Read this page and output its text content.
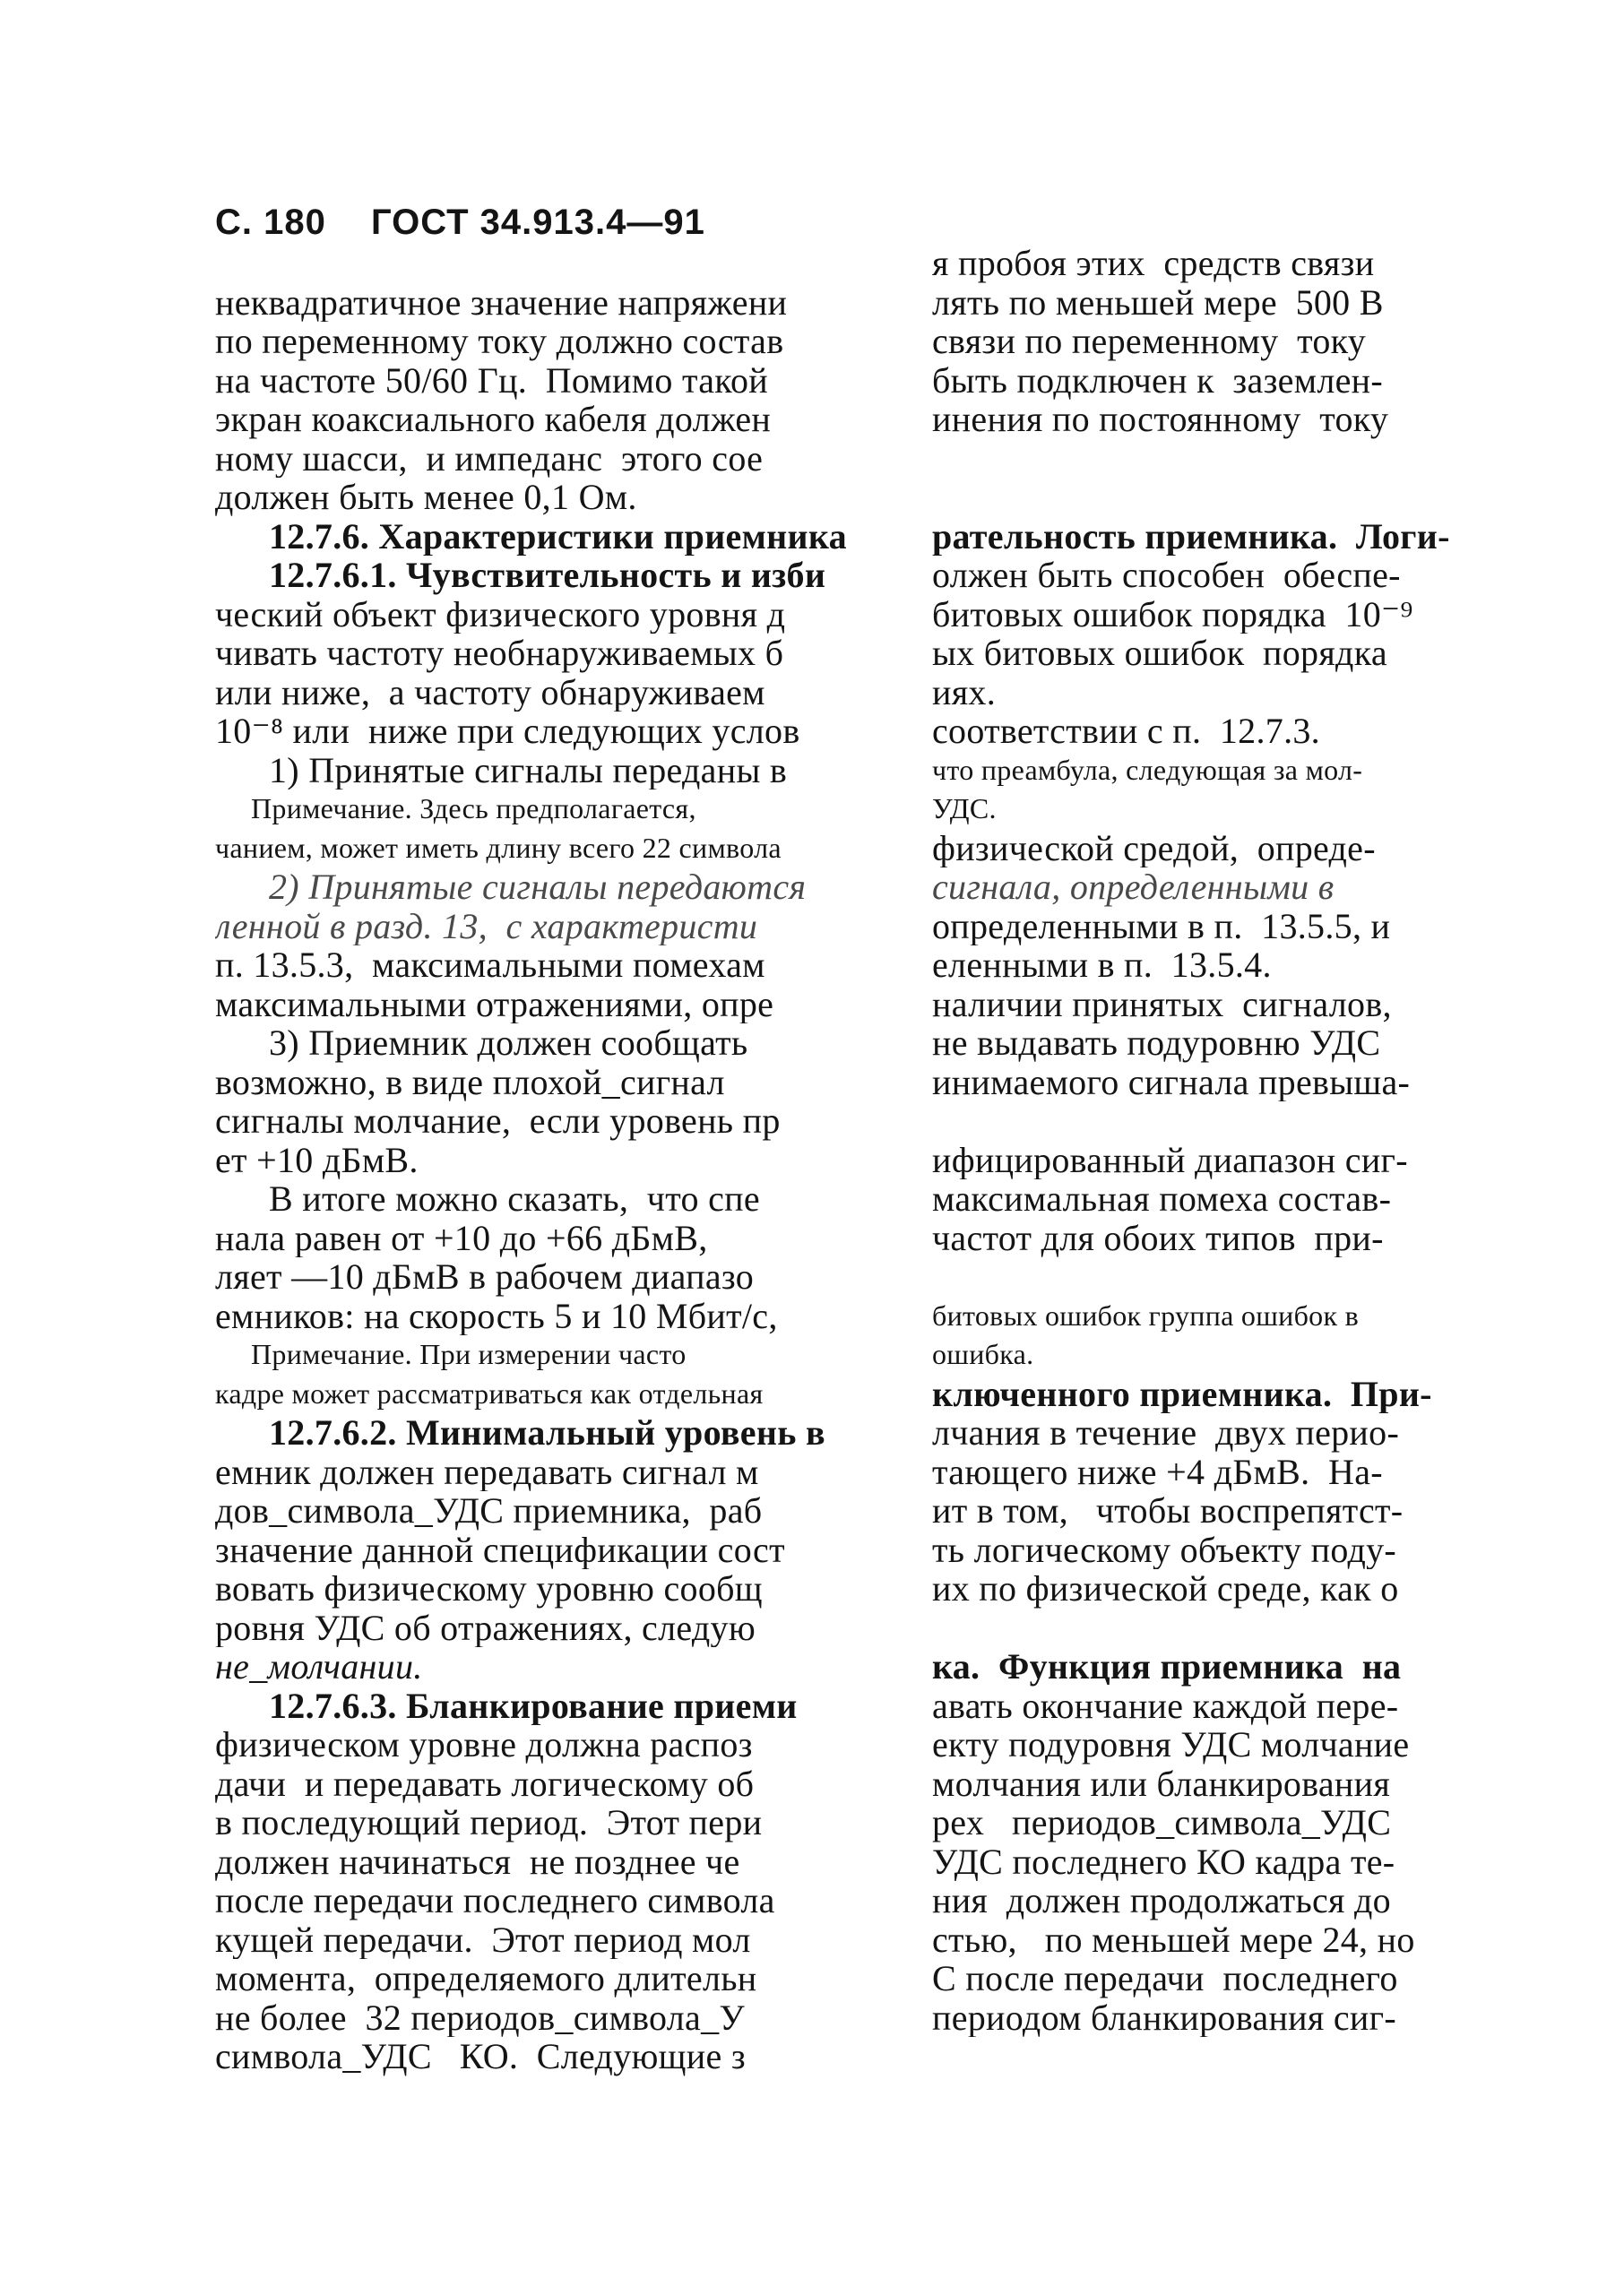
С. 180 ГОСТ 34.913.4—91
неквадратичное значение напряжени
по переменному току должно состав
на частоте 50/60 Гц.  Помимо такой
экран коаксиального кабеля должен
ному шасси,  и импеданс  этого сое
должен быть менее 0,1 Ом.
12.7.6. Характеристики приемника
12.7.6.1. Чувствительность и изби
ческий объект физического уровня д
чивать частоту необнаруживаемых б
или ниже,  а частоту обнаруживаем
10⁻⁸ или  ниже при следующих услов
1) Принятые сигналы переданы в
Примечание. Здесь предполагается,
чанием, может иметь длину всего 22 символа
2) Принятые сигналы передаются
ленной в разд. 13,  с характеристи
п. 13.5.3,  максимальными помехам
максимальными отражениями, опре
3) Приемник должен сообщать
возможно, в виде плохой_сигнал
сигналы молчание,  если уровень пр
ет +10 дБмВ.
В итоге можно сказать,  что спе
нала равен от +10 до +66 дБмВ,
ляет —10 дБмВ в рабочем диапазо
емников: на скорость 5 и 10 Мбит/с,
Примечание. При измерении часто
кадре может рассматриваться как отдельная
12.7.6.2. Минимальный уровень в
емник должен передавать сигнал м
дов_символа_УДС приемника,  раб
значение данной спецификации сост
вовать физическому уровню сообщ
ровня УДС об отражениях, следую
не_молчании.
12.7.6.3. Бланкирование приеми
физическом уровне должна распоз
дачи  и передавать логическому об
в последующий период.  Этот пери
должен начинаться  не позднее че
после передачи последнего символа
кущей передачи.  Этот период мол
момента,  определяемого длительн
не более  32 периодов_символа_У
символа_УДС   КО.  Следующие з
я пробоя этих  средств связи
лять по меньшей мере  500 В
связи по переменному  току
быть подключен к  заземлен-
инения по постоянному  току
рательность приемника.  Логи-
олжен быть способен  обеспе-
битовых ошибок порядка  10⁻⁹
ых битовых ошибок  порядка
иях.
соответствии с п.  12.7.3.
что преамбула, следующая за мол-
УДС.
физической средой,  опреде-
сигнала, определенными в
определенными в п.  13.5.5, и
еленными в п.  13.5.4.
наличии принятых  сигналов,
не выдавать подуровню УДС
инимаемого сигнала превыша-
ифицированный диапазон сиг-
максимальная помеха состав-
частот для обоих типов  при-
битовых ошибок группа ошибок в
ошибка.
ключенного приемника.  При-
лчания в течение  двух перио-
тающего ниже +4 дБмВ.  На-
ит в том,   чтобы воспрепятст-
ть логическому объекту поду-
их по физической среде, как о
ка.  Функция приемника  на
авать окончание каждой пере-
екту подуровня УДС молчание
молчания или бланкирования
рех   периодов_символа_УДС
УДС последнего КО кадра те-
ния  должен продолжаться до
стью,   по меньшей мере 24, но
С после передачи  последнего
периодом бланкирования сиг-
